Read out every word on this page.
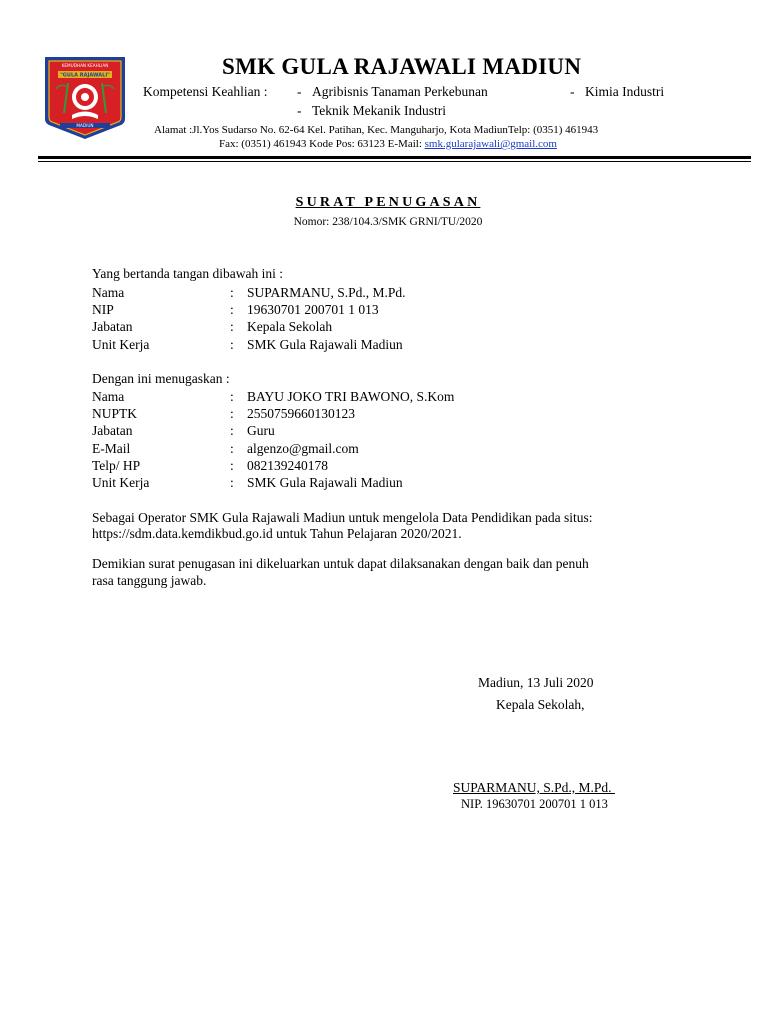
KEMUDHAN KEAHLIAN
"GULA RAJAWALI"
MADIUN
SMK GULA RAJAWALI MADIUN
Kompetensi Keahlian : - Agribisnis Tanaman Perkebunan	- Kimia Industri
- Teknik Mekanik Industri
Alamat :Jl.Yos Sudarso No. 62-64 Kel. Patihan, Kec. Manguharjo, Kota MadiunTelp: (0351) 461943
Fax: (0351) 461943 Kode Pos: 63123 E-Mail: smk.gularajawali@gmail.com
SURAT PENUGASAN
Nomor: 238/104.3/SMK GRNI/TU/2020
Yang bertanda tangan dibawah ini :
Nama	: SUPARMANU, S.Pd., M.Pd.
NIP	: 19630701 200701 1 013
Jabatan	: Kepala Sekolah
Unit Kerja	: SMK Gula Rajawali Madiun
Dengan ini menugaskan :
Nama	: BAYU JOKO TRI BAWONO, S.Kom
NUPTK	: 2550759660130123
Jabatan	: Guru
E-Mail	: algenzo@gmail.com
Telp/ HP	: 082139240178
Unit Kerja	: SMK Gula Rajawali Madiun
Sebagai Operator SMK Gula Rajawali Madiun untuk mengelola Data Pendidikan pada situs:
https://sdm.data.kemdikbud.go.id untuk Tahun Pelajaran 2020/2021.
Demikian surat penugasan ini dikeluarkan untuk dapat dilaksanakan dengan baik dan penuh
rasa tanggung jawab.
Madiun, 13 Juli 2020
Kepala Sekolah,
SUPARMANU, S.Pd., M.Pd.
NIP. 19630701 200701 1 013
